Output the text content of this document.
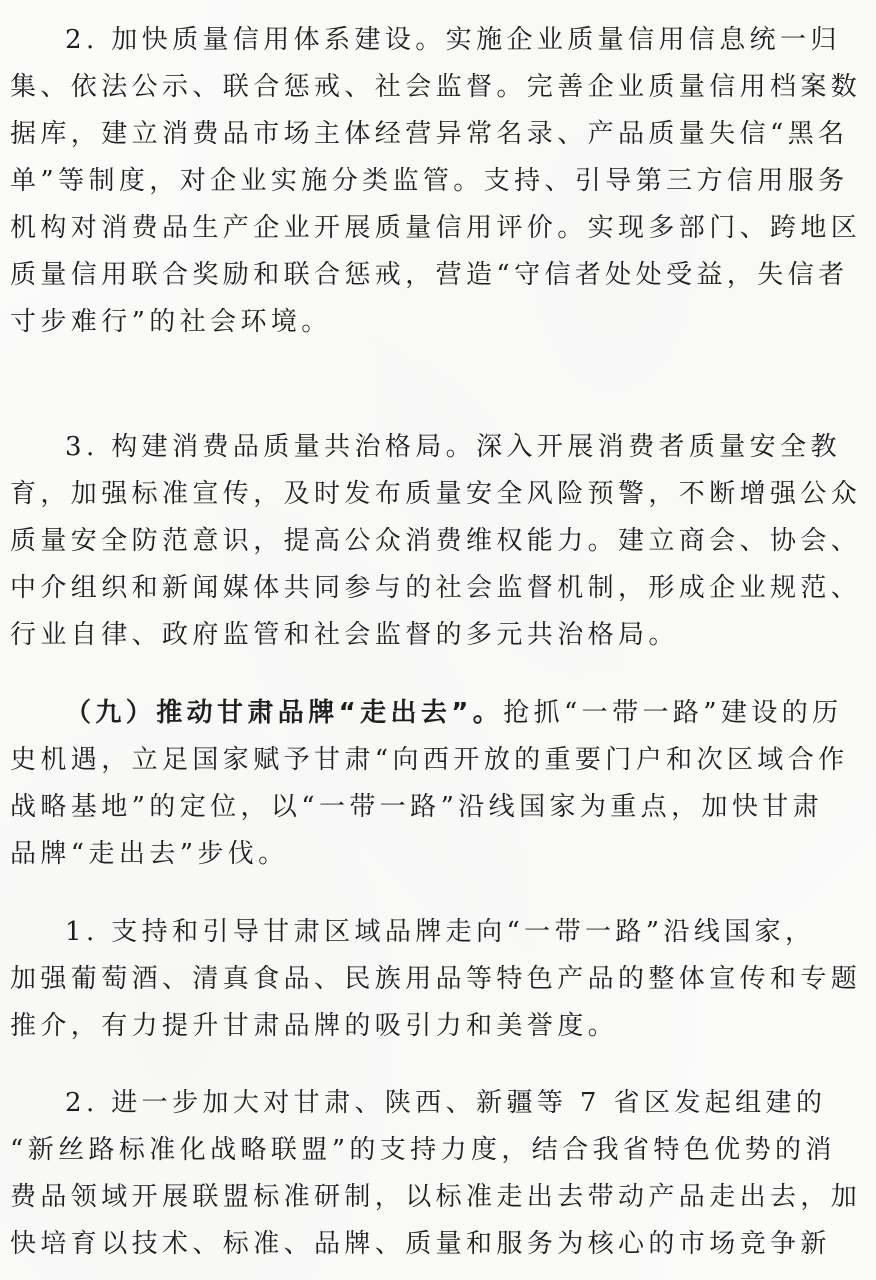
2. 加快质量信用体系建设。实施企业质量信用信息统一归
集、依法公示、联合惩戒、社会监督。完善企业质量信用档案数
据库，建立消费品市场主体经营异常名录、产品质量失信“黑名
单”等制度，对企业实施分类监管。支持、引导第三方信用服务
机构对消费品生产企业开展质量信用评价。实现多部门、跨地区
质量信用联合奖励和联合惩戒，营造“守信者处处受益，失信者
寸步难行”的社会环境。
3. 构建消费品质量共治格局。深入开展消费者质量安全教
育，加强标准宣传，及时发布质量安全风险预警，不断增强公众
质量安全防范意识，提高公众消费维权能力。建立商会、协会、
中介组织和新闻媒体共同参与的社会监督机制，形成企业规范、
行业自律、政府监管和社会监督的多元共治格局。
（九）推动甘肃品牌“走出去”。抢抓“一带一路”建设的历
史机遇，立足国家赋予甘肃“向西开放的重要门户和次区域合作
战略基地”的定位，以“一带一路”沿线国家为重点，加快甘肃
品牌“走出去”步伐。
1. 支持和引导甘肃区域品牌走向“一带一路”沿线国家，
加强葡萄酒、清真食品、民族用品等特色产品的整体宣传和专题
推介，有力提升甘肃品牌的吸引力和美誉度。
2. 进一步加大对甘肃、陕西、新疆等 7 省区发起组建的
“新丝路标准化战略联盟”的支持力度，结合我省特色优势的消
费品领域开展联盟标准研制，以标准走出去带动产品走出去，加
快培育以技术、标准、品牌、质量和服务为核心的市场竞争新
